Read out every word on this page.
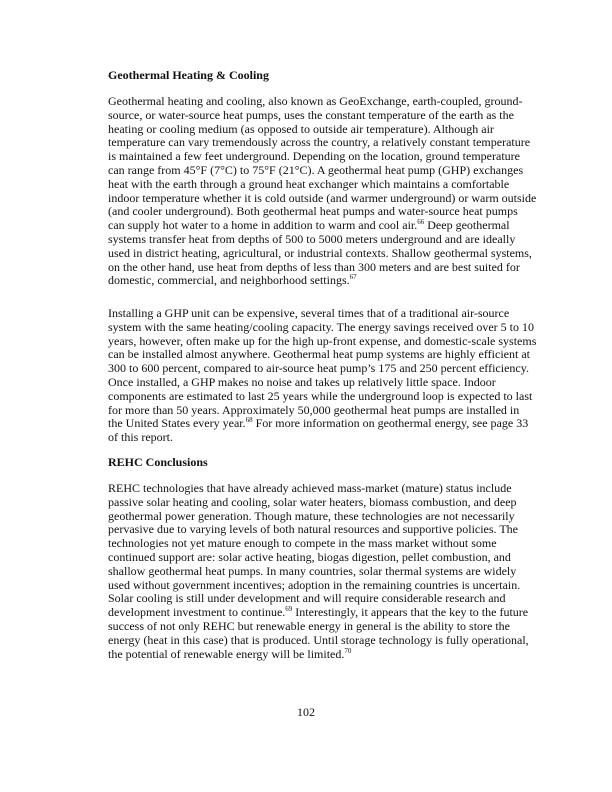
Geothermal Heating & Cooling
Geothermal heating and cooling, also known as GeoExchange, earth-coupled, ground-
source, or water-source heat pumps, uses the constant temperature of the earth as the
heating or cooling medium (as opposed to outside air temperature). Although air
temperature can vary tremendously across the country, a relatively constant temperature
is maintained a few feet underground. Depending on the location, ground temperature
can range from 45°F (7°C) to 75°F (21°C). A geothermal heat pump (GHP) exchanges
heat with the earth through a ground heat exchanger which maintains a comfortable
indoor temperature whether it is cold outside (and warmer underground) or warm outside
(and cooler underground). Both geothermal heat pumps and water-source heat pumps
can supply hot water to a home in addition to warm and cool air.$^{66}$ Deep geothermal
systems transfer heat from depths of 500 to 5000 meters underground and are ideally
used in district heating, agricultural, or industrial contexts. Shallow geothermal systems,
on the other hand, use heat from depths of less than 300 meters and are best suited for
domestic, commercial, and neighborhood settings.$^{67}$
Installing a GHP unit can be expensive, several times that of a traditional air-source
system with the same heating/cooling capacity. The energy savings received over 5 to 10
years, however, often make up for the high up-front expense, and domestic-scale systems
can be installed almost anywhere. Geothermal heat pump systems are highly efficient at
300 to 600 percent, compared to air-source heat pump’s 175 and 250 percent efficiency.
Once installed, a GHP makes no noise and takes up relatively little space. Indoor
components are estimated to last 25 years while the underground loop is expected to last
for more than 50 years. Approximately 50,000 geothermal heat pumps are installed in
the United States every year.$^{68}$ For more information on geothermal energy, see page 33
of this report.
REHC Conclusions
REHC technologies that have already achieved mass-market (mature) status include
passive solar heating and cooling, solar water heaters, biomass combustion, and deep
geothermal power generation. Though mature, these technologies are not necessarily
pervasive due to varying levels of both natural resources and supportive policies. The
technologies not yet mature enough to compete in the mass market without some
continued support are: solar active heating, biogas digestion, pellet combustion, and
shallow geothermal heat pumps. In many countries, solar thermal systems are widely
used without government incentives; adoption in the remaining countries is uncertain.
Solar cooling is still under development and will require considerable research and
development investment to continue.$^{69}$ Interestingly, it appears that the key to the future
success of not only REHC but renewable energy in general is the ability to store the
energy (heat in this case) that is produced. Until storage technology is fully operational,
the potential of renewable energy will be limited.$^{70}$
102
